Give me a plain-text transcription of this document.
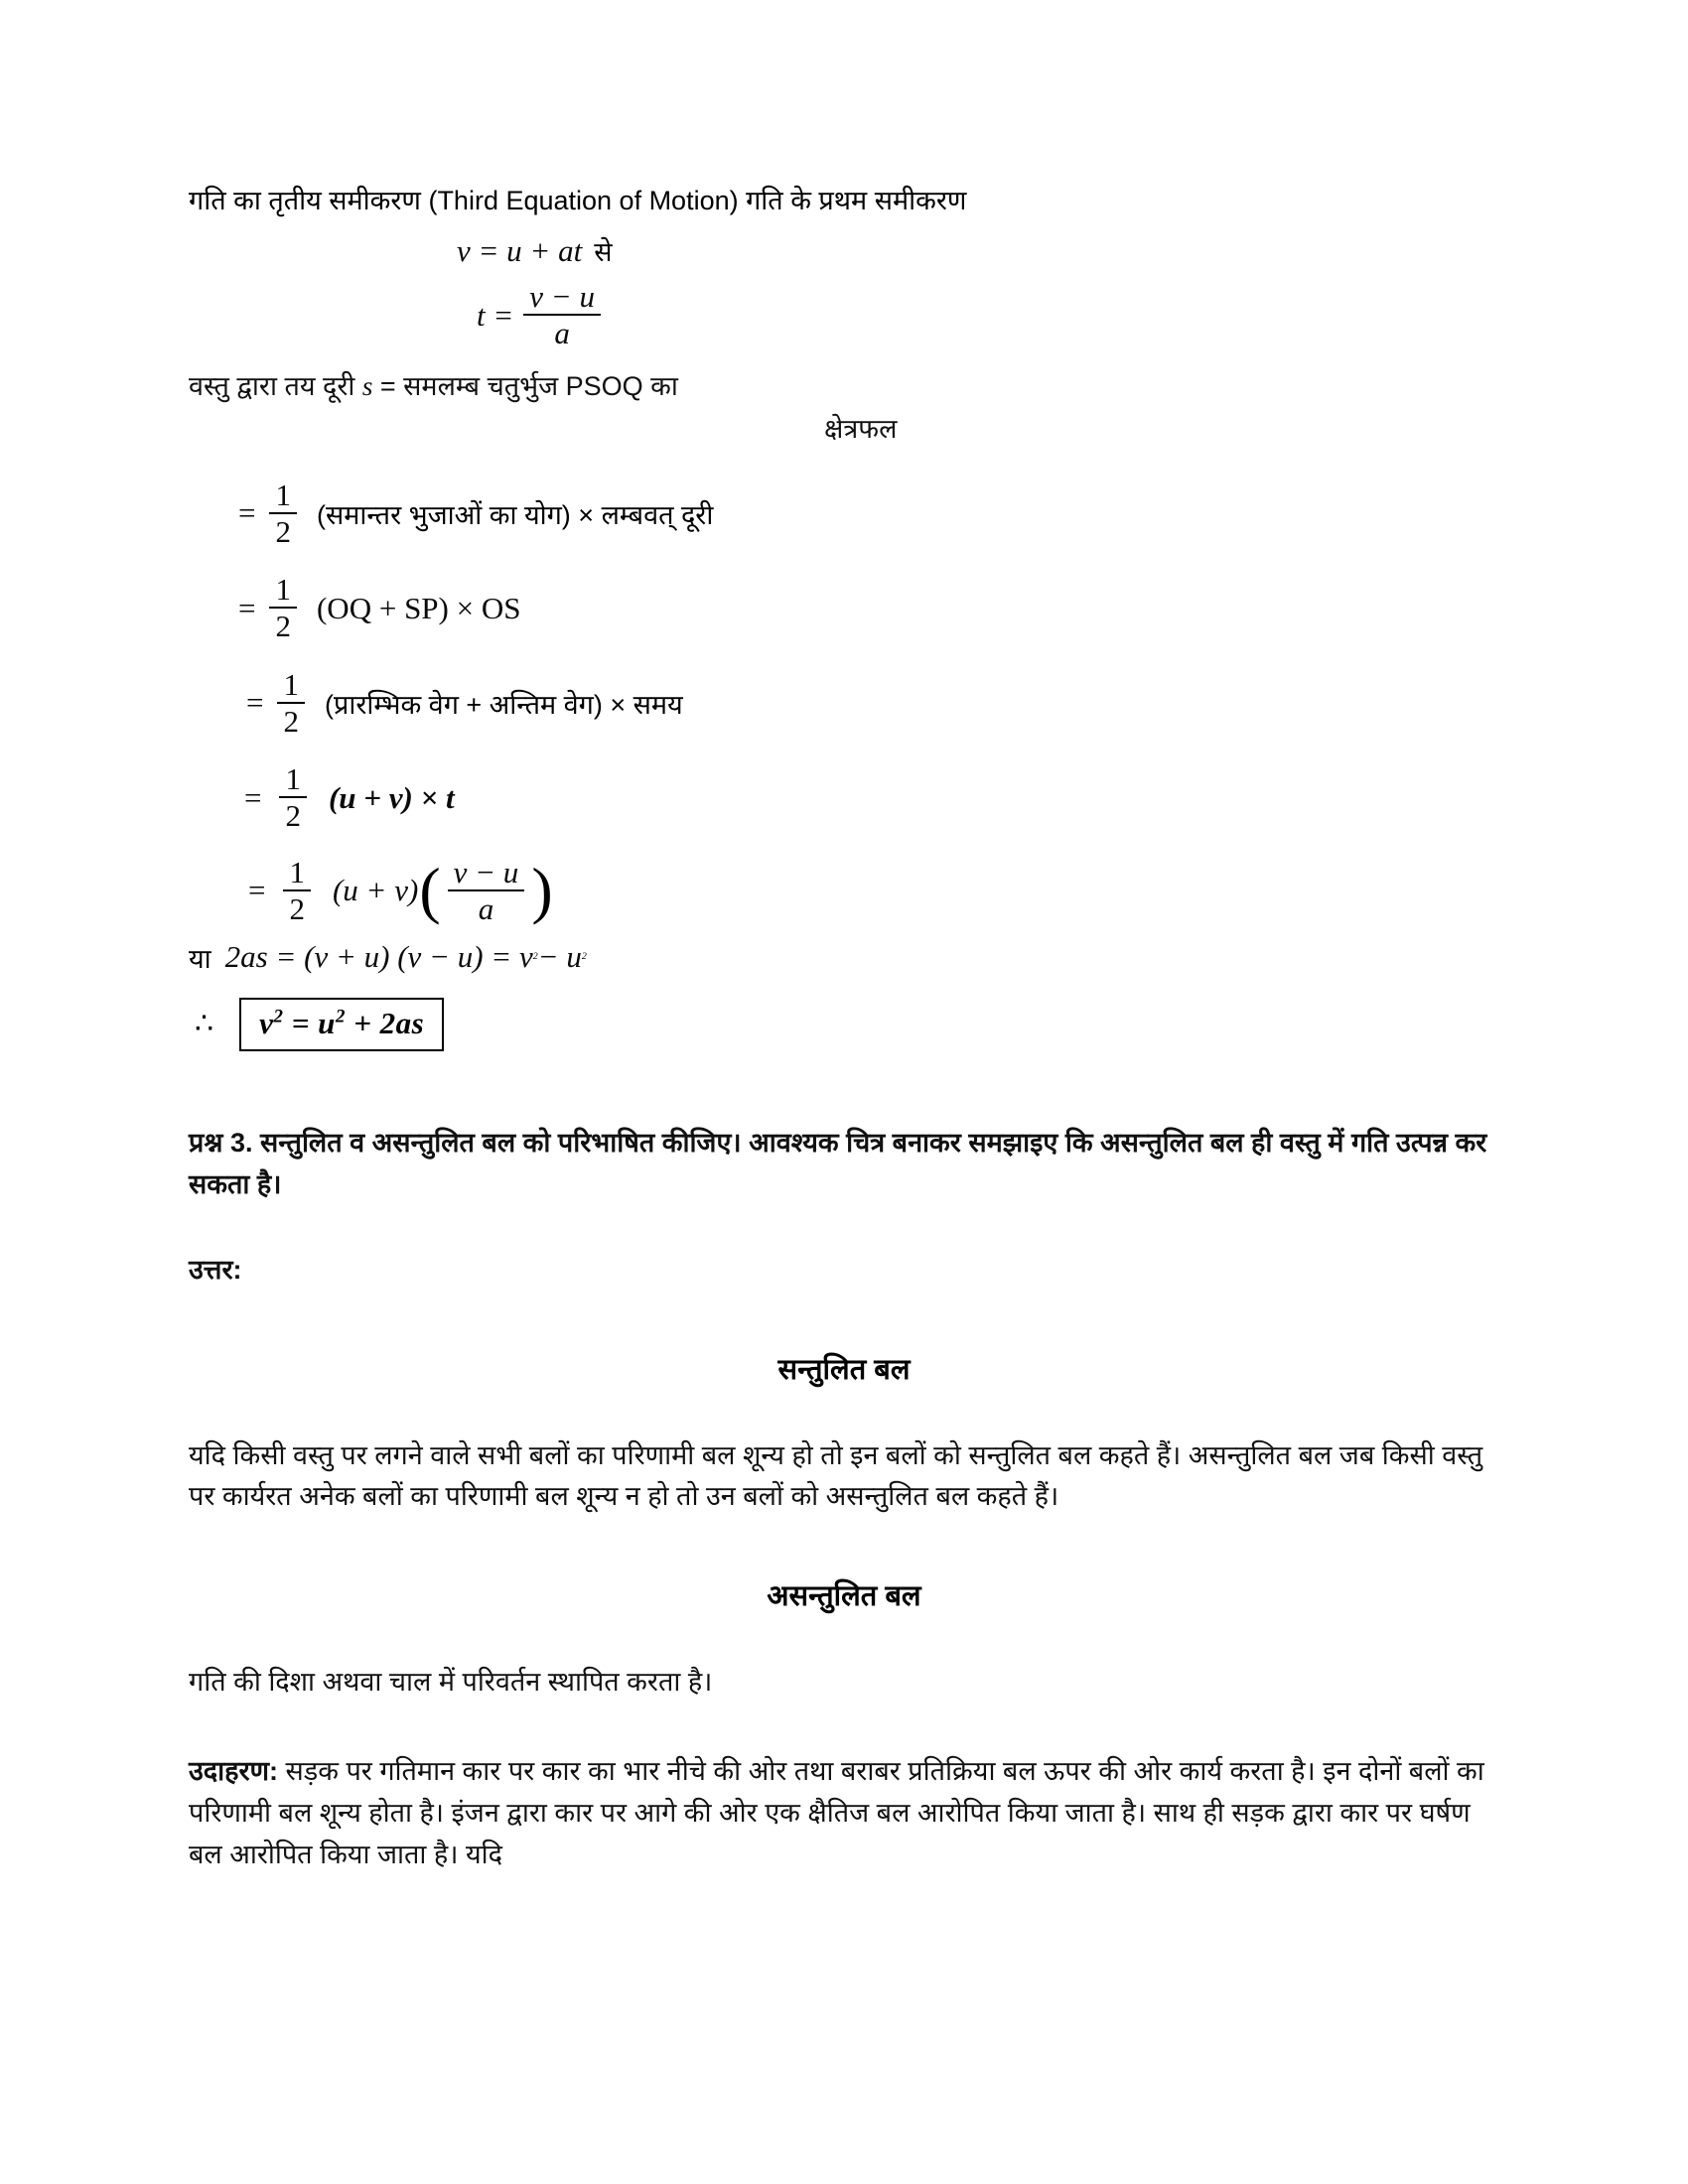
गति का तृतीय समीकरण (Third Equation of Motion) गति के प्रथम समीकरण
v = u + at से
$t = \frac{v - u}{a}$
वस्तु द्वारा तय दूरी s = समलम्ब चतुर्भुज PSOQ का
क्षेत्रफल
= $\frac{1}{2}$ (समान्तर भुजाओं का योग) × लम्बवत् दूरी
= $\frac{1}{2} (OQ + SP)$ × OS
= $\frac{1}{2}$ (प्रारम्भिक वेग + अन्तिम वेग) × समय
= $\frac{1}{2} (u + v) \times t$
= $\frac{1}{2} (u + v)$ ( $\frac{v - u}{a}$ )
या 2as = (v + u) (v − u) = v 2 − u 2
∴	$v^2 = u^2 + 2as$
प्रश्न 3. सन्तुलित व असन्तुलित बल को परिभाषित कीजिए। आवश्यक चित्र बनाकर समझाइए कि असन्तुलित बल ही वस्तु में गति उत्पन्न कर सकता है।
उत्तर:
सन्तुलित बल
यदि किसी वस्तु पर लगने वाले सभी बलों का परिणामी बल शून्य हो तो इन बलों को सन्तुलित बल कहते हैं। असन्तुलित बल जब किसी वस्तु पर कार्यरत अनेक बलों का परिणामी बल शून्य न हो तो उन बलों को असन्तुलित बल कहते हैं।
असन्तुलित बल
गति की दिशा अथवा चाल में परिवर्तन स्थापित करता है।
उदाहरण: सड़क पर गतिमान कार पर कार का भार नीचे की ओर तथा बराबर प्रतिक्रिया बल ऊपर की ओर कार्य करता है। इन दोनों बलों का परिणामी बल शून्य होता है। इंजन द्वारा कार पर आगे की ओर एक क्षैतिज बल आरोपित किया जाता है। साथ ही सड़क द्वारा कार पर घर्षण बल आरोपित किया जाता है। यदि
